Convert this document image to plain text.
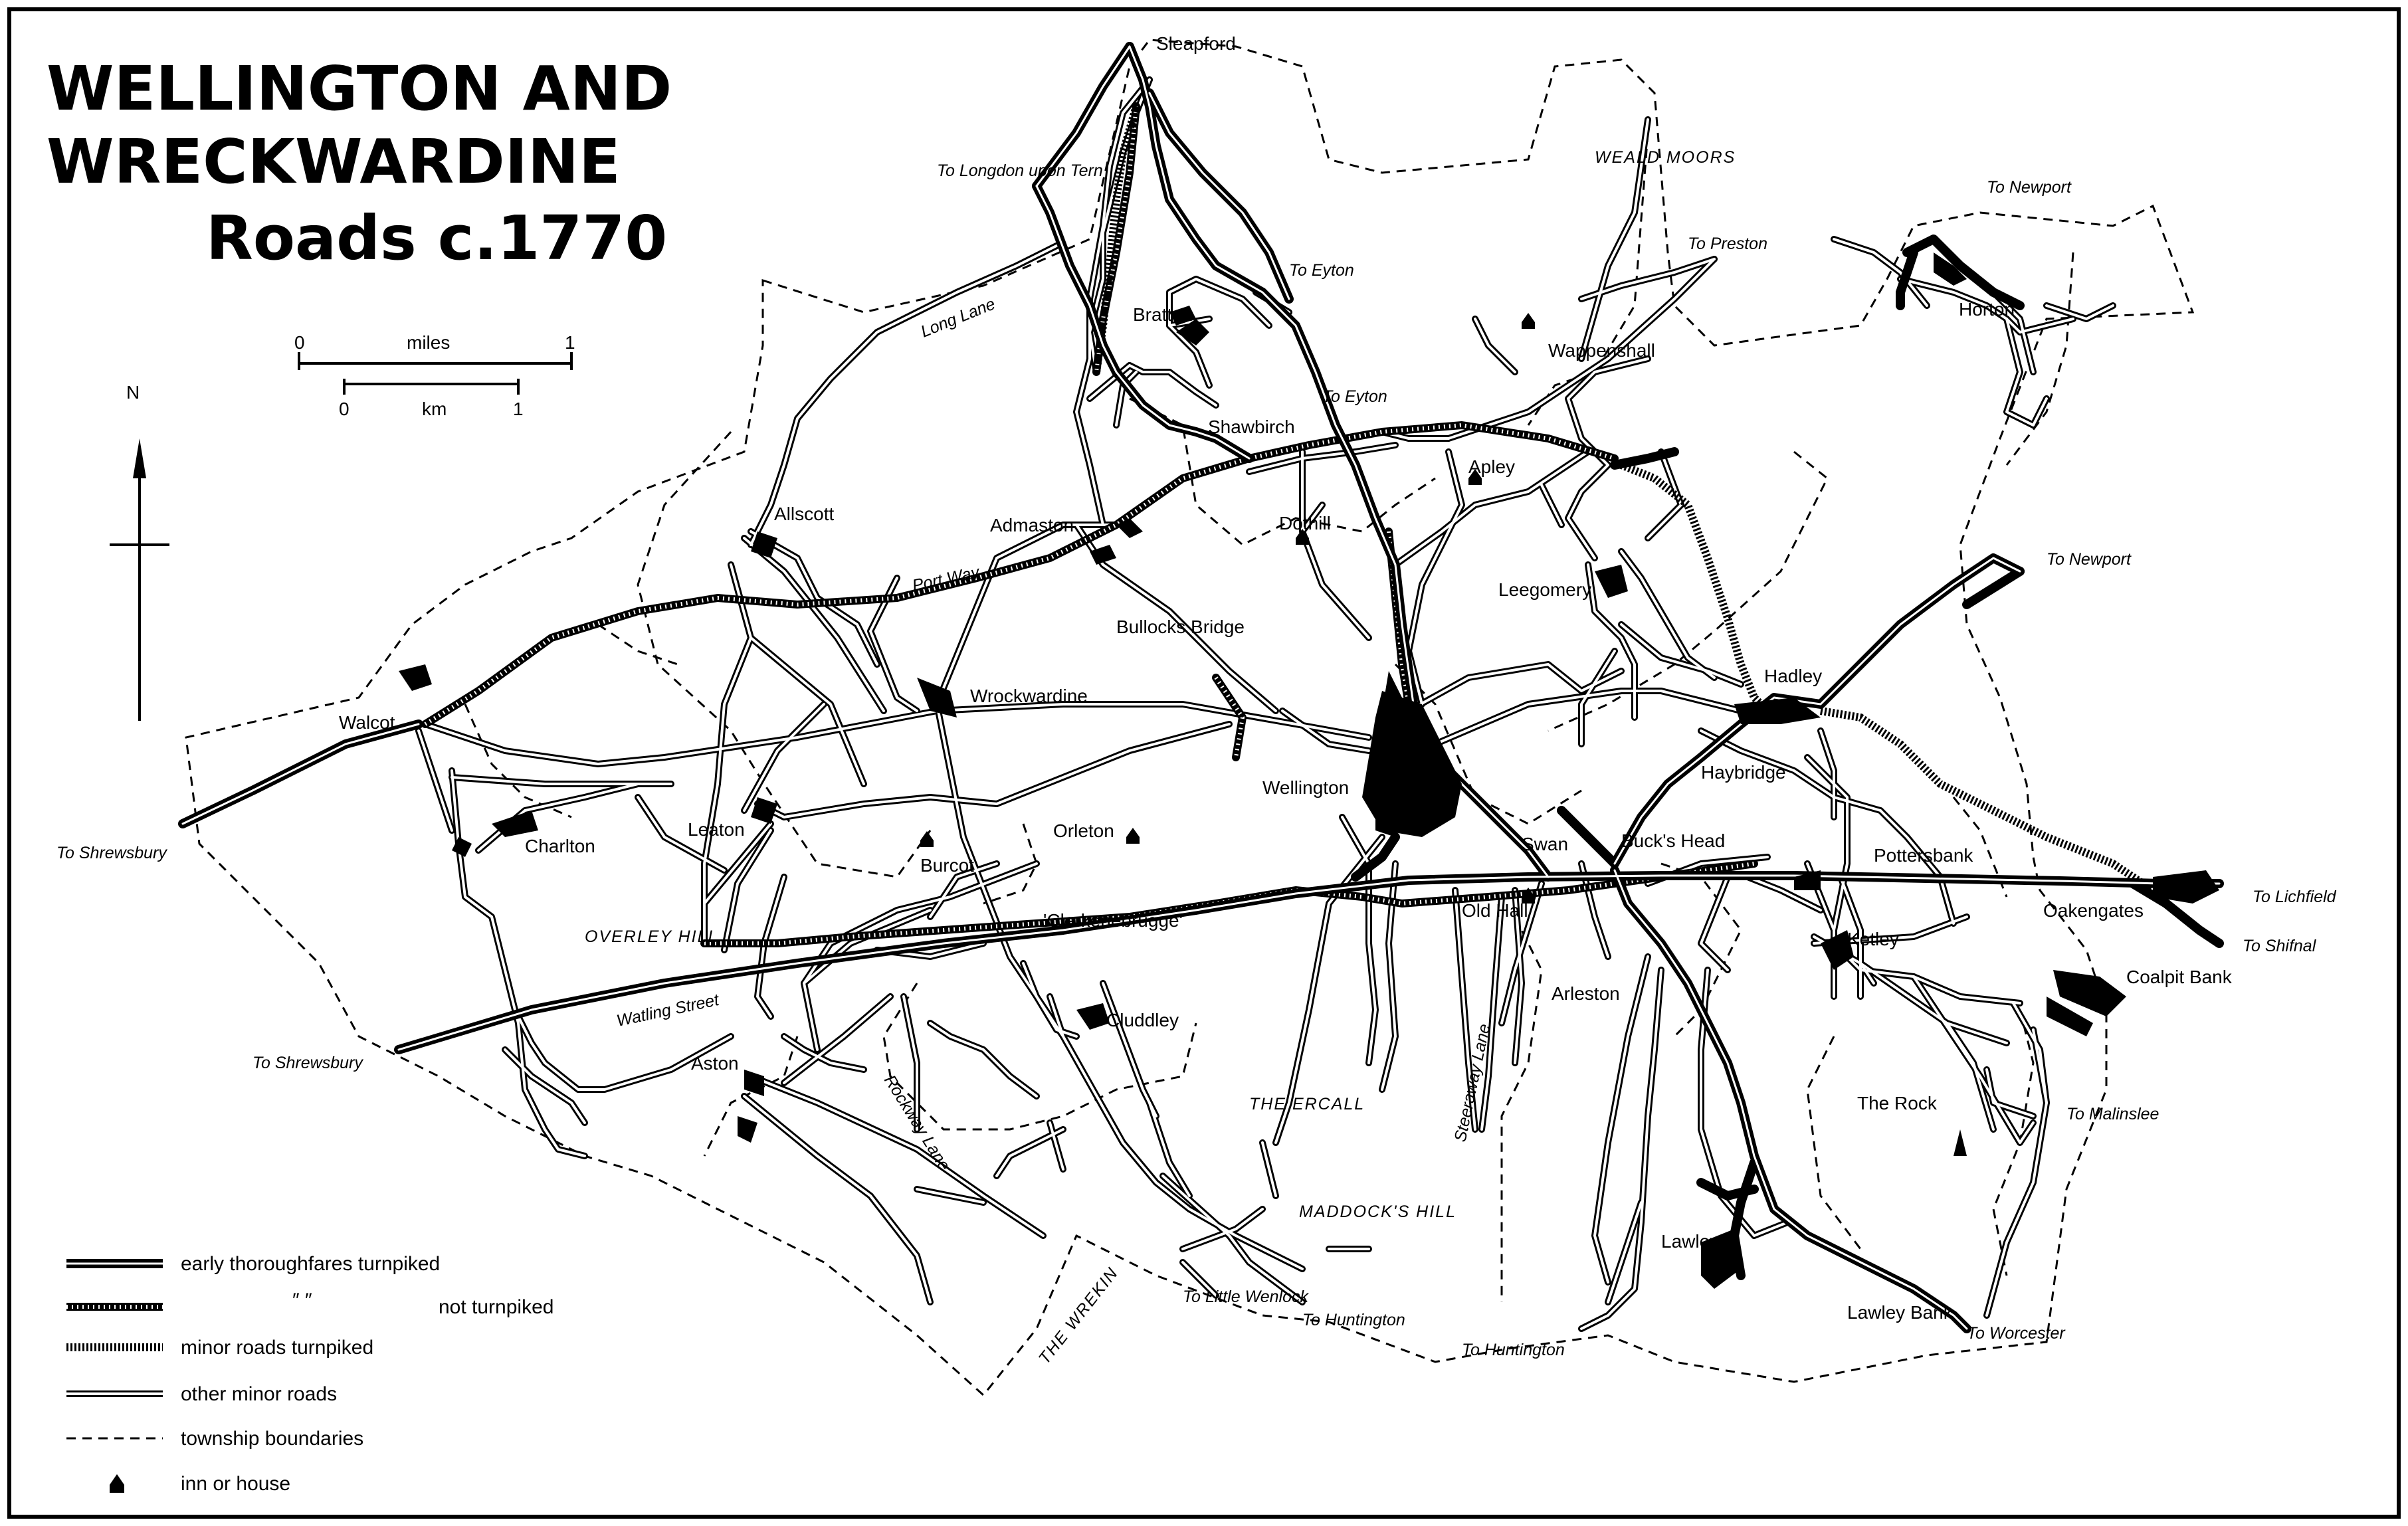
WELLINGTON AND
WRECKWARDINE
Roads c.1770
0	miles	1
0	km	1
N
early thoroughfares turnpiked
″ ″	not turnpiked
minor roads turnpiked
other minor roads
township boundaries
inn or house
Sleapford
Bratton
Shawbirch
Allscott
Admaston
Apley
Dothill
Leegomery
Wappenshall
Horton
Hadley
Walcot
Wrockwardine
Bullocks Bridge
Haybridge
Wellington
Charlton
Leaton	Orleton
Burcot
Swan	Buck's Head
Pottersbank
Oakengates
'Clerkenebrugge'	Old Hall
Ketley
Arleston
Coalpit Bank
Cluddley
Aston
The Rock
Lawley
Lawley Bank
WEALD MOORS
OVERLEY HILL
THE ERCALL
MADDOCK'S HILL
THE WREKIN
Long Lane
Port Way
Watling Street
Rockway Lane	Steeraway Lane
To Longdon upon Tern
To Eyton
To Eyton
To Preston
To Newport
To Newport
To Shrewsbury
To Shrewsbury
To Lichfield
To Shifnal
To Malinslee
To Worcester
To Huntington
To Huntington
To Little Wenlock
